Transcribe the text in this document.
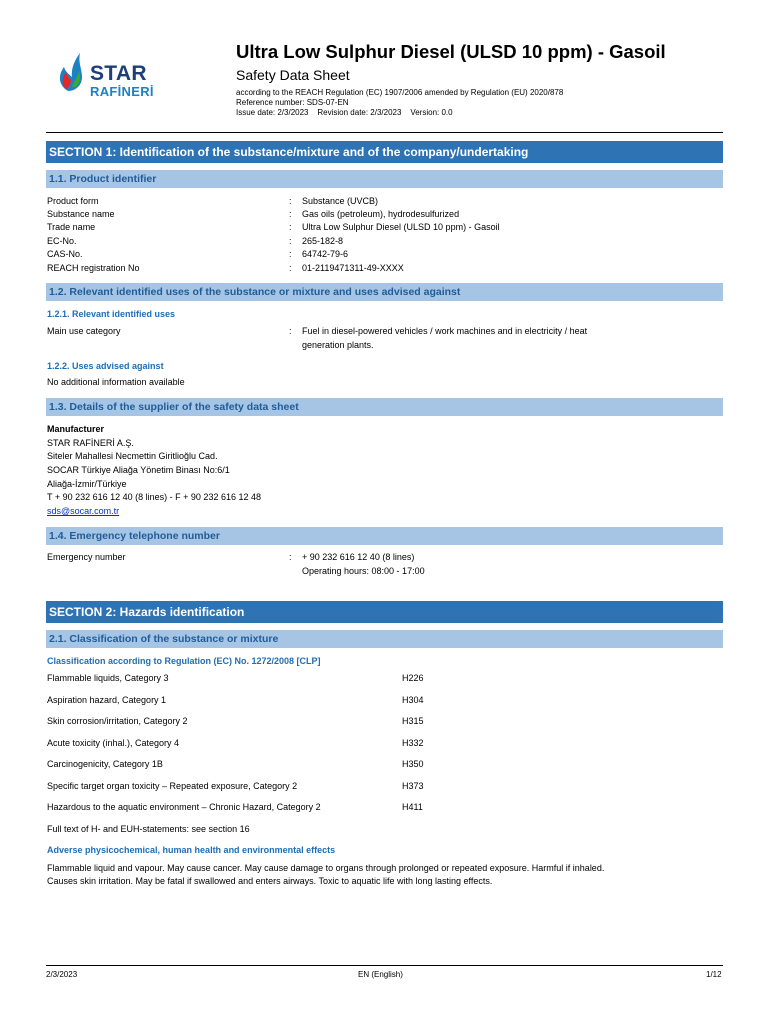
STAR
RAFİNERİ
Ultra Low Sulphur Diesel (ULSD 10 ppm) - Gasoil
Safety Data Sheet
according to the REACH Regulation (EC) 1907/2006 amended by Regulation (EU) 2020/878
Reference number: SDS-07-EN
Issue date: 2/3/2023    Revision date: 2/3/2023    Version: 0.0
SECTION 1: Identification of the substance/mixture and of the company/undertaking
1.1. Product identifier
Product form	: Substance (UVCB)
Substance name	: Gas oils (petroleum), hydrodesulfurized
Trade name	: Ultra Low Sulphur Diesel (ULSD 10 ppm) - Gasoil
EC-No.	: 265-182-8
CAS-No.	: 64742-79-6
REACH registration No	: 01-2119471311-49-XXXX
1.2. Relevant identified uses of the substance or mixture and uses advised against
1.2.1. Relevant identified uses
Main use category	: Fuel in diesel-powered vehicles / work machines and in electricity / heat
generation plants.
1.2.2. Uses advised against
No additional information available
1.3. Details of the supplier of the safety data sheet
Manufacturer
STAR RAFİNERİ A.Ş.
Siteler Mahallesi Necmettin Giritlioğlu Cad.
SOCAR Türkiye Aliağa Yönetim Binası No:6/1
Aliağa-İzmir/Türkiye
T + 90 232 616 12 40 (8 lines) - F + 90 232 616 12 48
sds@socar.com.tr
1.4. Emergency telephone number
Emergency number	: + 90 232 616 12 40 (8 lines)
Operating hours: 08:00 - 17:00
SECTION 2: Hazards identification
2.1. Classification of the substance or mixture
Classification according to Regulation (EC) No. 1272/2008 [CLP]
Flammable liquids, Category 3	H226
Aspiration hazard, Category 1	H304
Skin corrosion/irritation, Category 2	H315
Acute toxicity (inhal.), Category 4	H332
Carcinogenicity, Category 1B	H350
Specific target organ toxicity – Repeated exposure, Category 2	H373
Hazardous to the aquatic environment – Chronic Hazard, Category 2	H411
Full text of H- and EUH-statements: see section 16
Adverse physicochemical, human health and environmental effects
Flammable liquid and vapour. May cause cancer. May cause damage to organs through prolonged or repeated exposure. Harmful if inhaled.
Causes skin irritation. May be fatal if swallowed and enters airways. Toxic to aquatic life with long lasting effects.
2/3/2023	EN (English)	1/12
